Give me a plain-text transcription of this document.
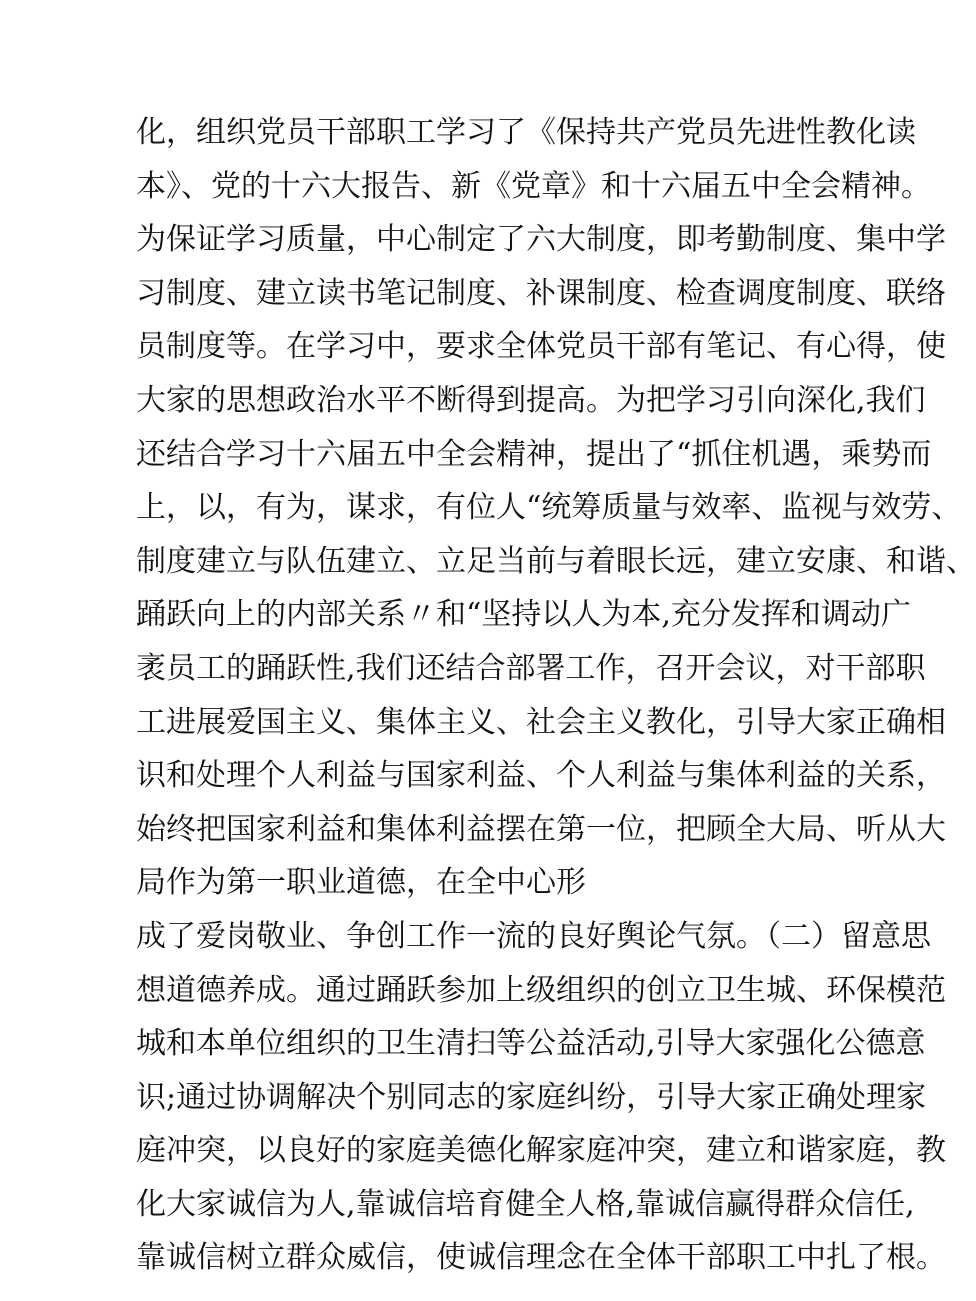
化，组织党员干部职工学习了《保持共产党员先进性教化读
本》、党的十六大报告、新《党章》和十六届五中全会精神。
为保证学习质量，中心制定了六大制度，即考勤制度、集中学
习制度、建立读书笔记制度、补课制度、检查调度制度、联络
员制度等。在学习中，要求全体党员干部有笔记、有心得，使
大家的思想政治水平不断得到提高。为把学习引向深化,我们
还结合学习十六届五中全会精神，提出了“抓住机遇，乘势而
上，以，有为，谋求，有位人“统筹质量与效率、监视与效劳、
制度建立与队伍建立、立足当前与着眼长远，建立安康、和谐、
踊跃向上的内部关系〃和“坚持以人为本,充分发挥和调动广
袤员工的踊跃性,我们还结合部署工作，召开会议，对干部职
工进展爱国主义、集体主义、社会主义教化，引导大家正确相
识和处理个人利益与国家利益、个人利益与集体利益的关系，
始终把国家利益和集体利益摆在第一位，把顾全大局、听从大
局作为第一职业道德，在全中心形
成了爱岗敬业、争创工作一流的良好舆论气氛。（二）留意思
想道德养成。通过踊跃参加上级组织的创立卫生城、环保模范
城和本单位组织的卫生清扫等公益活动,引导大家强化公德意
识;通过协调解决个别同志的家庭纠纷，引导大家正确处理家
庭冲突，以良好的家庭美德化解家庭冲突，建立和谐家庭，教
化大家诚信为人,靠诚信培育健全人格,靠诚信赢得群众信任,
靠诚信树立群众威信，使诚信理念在全体干部职工中扎了根。
